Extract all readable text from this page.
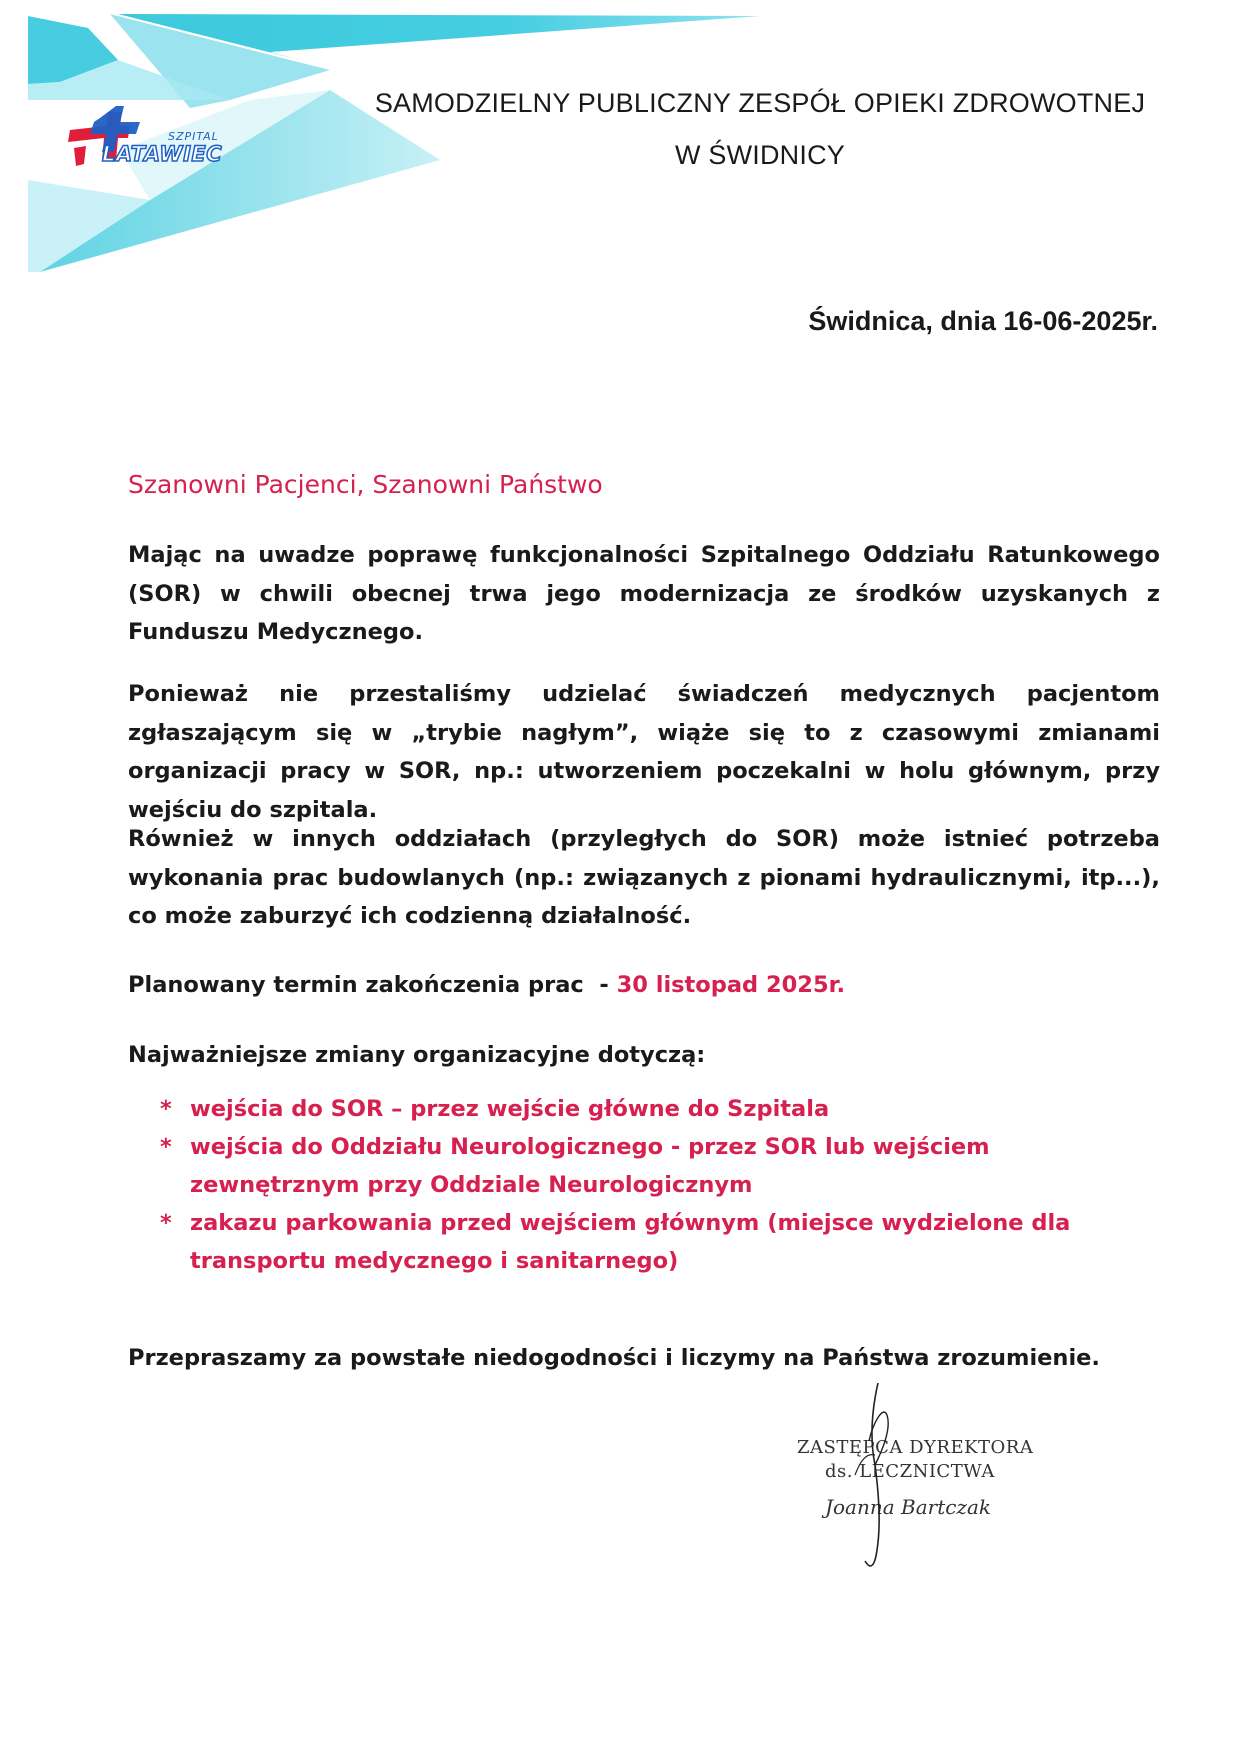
SZPITAL
LATAWIEC
SAMODZIELNY PUBLICZNY ZESPÓŁ OPIEKI ZDROWOTNEJ
W ŚWIDNICY
Świdnica, dnia 16-06-2025r.
Szanowni Pacjenci, Szanowni Państwo
Mając na uwadze poprawę funkcjonalności Szpitalnego Oddziału Ratunkowego (SOR) w chwili obecnej trwa jego modernizacja ze środków uzyskanych z Funduszu Medycznego.
Ponieważ nie przestaliśmy udzielać świadczeń medycznych pacjentom zgłaszającym się w „trybie nagłym”, wiąże się to z czasowymi zmianami organizacji pracy w SOR, np.: utworzeniem poczekalni w holu głównym, przy wejściu do szpitala.
Również w innych oddziałach (przyległych do SOR) może istnieć potrzeba wykonania prac budowlanych (np.: związanych z pionami hydraulicznymi, itp...), co może zaburzyć ich codzienną działalność.
Planowany termin zakończenia prac  - 30 listopad 2025r.
Najważniejsze zmiany organizacyjne dotyczą:
* wejścia do SOR – przez wejście główne do Szpitala
* wejścia do Oddziału Neurologicznego - przez SOR lub wejściem zewnętrznym przy Oddziale Neurologicznym
* zakazu parkowania przed wejściem głównym (miejsce wydzielone dla transportu medycznego i sanitarnego)
Przepraszamy za powstałe niedogodności i liczymy na Państwa zrozumienie.
ZASTĘPCA DYREKTORA
ds. LECZNICTWA
Joanna Bartczak
